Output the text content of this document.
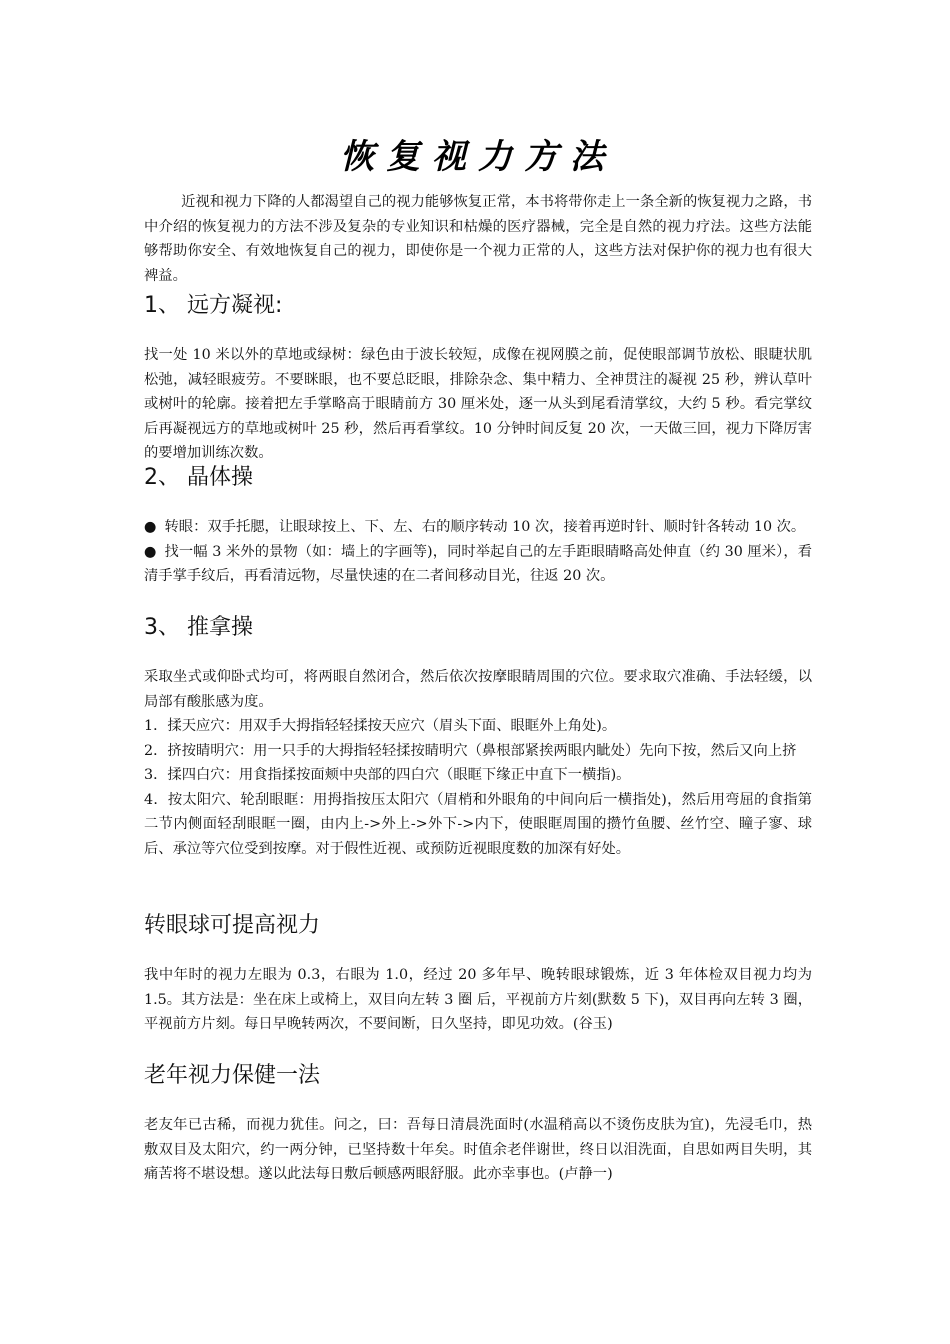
恢复视力方法

近视和视力下降的人都渴望自己的视力能够恢复正常，本书将带你走上一条全新的恢复视力之路，书中介绍的恢复视力的方法不涉及复杂的专业知识和枯燥的医疗器械，完全是自然的视力疗法。这些方法能够帮助你安全、有效地恢复自己的视力，即使你是一个视力正常的人，这些方法对保护你的视力也有很大裨益。

1、 远方凝视:

找一处 10 米以外的草地或绿树：绿色由于波长较短，成像在视网膜之前，促使眼部调节放松、眼睫状肌松弛，减轻眼疲劳。不要眯眼，也不要总眨眼，排除杂念、集中精力、全神贯注的凝视 25 秒，辨认草叶或树叶的轮廓。接着把左手掌略高于眼睛前方 30 厘米处，逐一从头到尾看清掌纹，大约 5 秒。看完掌纹后再凝视远方的草地或树叶 25 秒，然后再看掌纹。10 分钟时间反复 20 次，一天做三回，视力下降厉害的要增加训练次数。

2、 晶体操

● 转眼：双手托腮，让眼球按上、下、左、右的顺序转动 10 次，接着再逆时针、顺时针各转动 10 次。

● 找一幅 3 米外的景物（如：墙上的字画等)，同时举起自己的左手距眼睛略高处伸直（约 30 厘米），看清手掌手纹后，再看清远物，尽量快速的在二者间移动目光，往返 20 次。

3、 推拿操

采取坐式或仰卧式均可，将两眼自然闭合，然后依次按摩眼睛周围的穴位。要求取穴准确、手法轻缓，以局部有酸胀感为度。

1．揉天应穴：用双手大拇指轻轻揉按天应穴（眉头下面、眼眶外上角处)。

2．挤按睛明穴：用一只手的大拇指轻轻揉按睛明穴（鼻根部紧挨两眼内眦处）先向下按，然后又向上挤

3．揉四白穴：用食指揉按面颊中央部的四白穴（眼眶下缘正中直下一横指)。

4．按太阳穴、轮刮眼眶：用拇指按压太阳穴（眉梢和外眼角的中间向后一横指处)，然后用弯屈的食指第二节内侧面轻刮眼眶一圈，由内上->外上->外下->内下，使眼眶周围的攒竹鱼腰、丝竹空、瞳子寥、球后、承泣等穴位受到按摩。对于假性近视、或预防近视眼度数的加深有好处。

转眼球可提高视力

我中年时的视力左眼为 0.3，右眼为 1.0，经过 20 多年早、晚转眼球锻炼，近 3 年体检双目视力均为 1.5。其方法是：坐在床上或椅上，双目向左转 3 圈 后，平视前方片刻(默数 5 下)，双目再向左转 3 圈，平视前方片刻。每日早晚转两次，不要间断，日久坚持，即见功效。(谷玉)

老年视力保健一法

老友年已古稀，而视力犹佳。问之，曰：吾每日清晨洗面时(水温稍高以不烫伤皮肤为宜)，先浸毛巾，热敷双目及太阳穴，约一两分钟，已坚持数十年矣。时值余老伴谢世，终日以泪洗面，自思如两目失明，其痛苦将不堪设想。遂以此法每日敷后顿感两眼舒服。此亦幸事也。(卢静一)
